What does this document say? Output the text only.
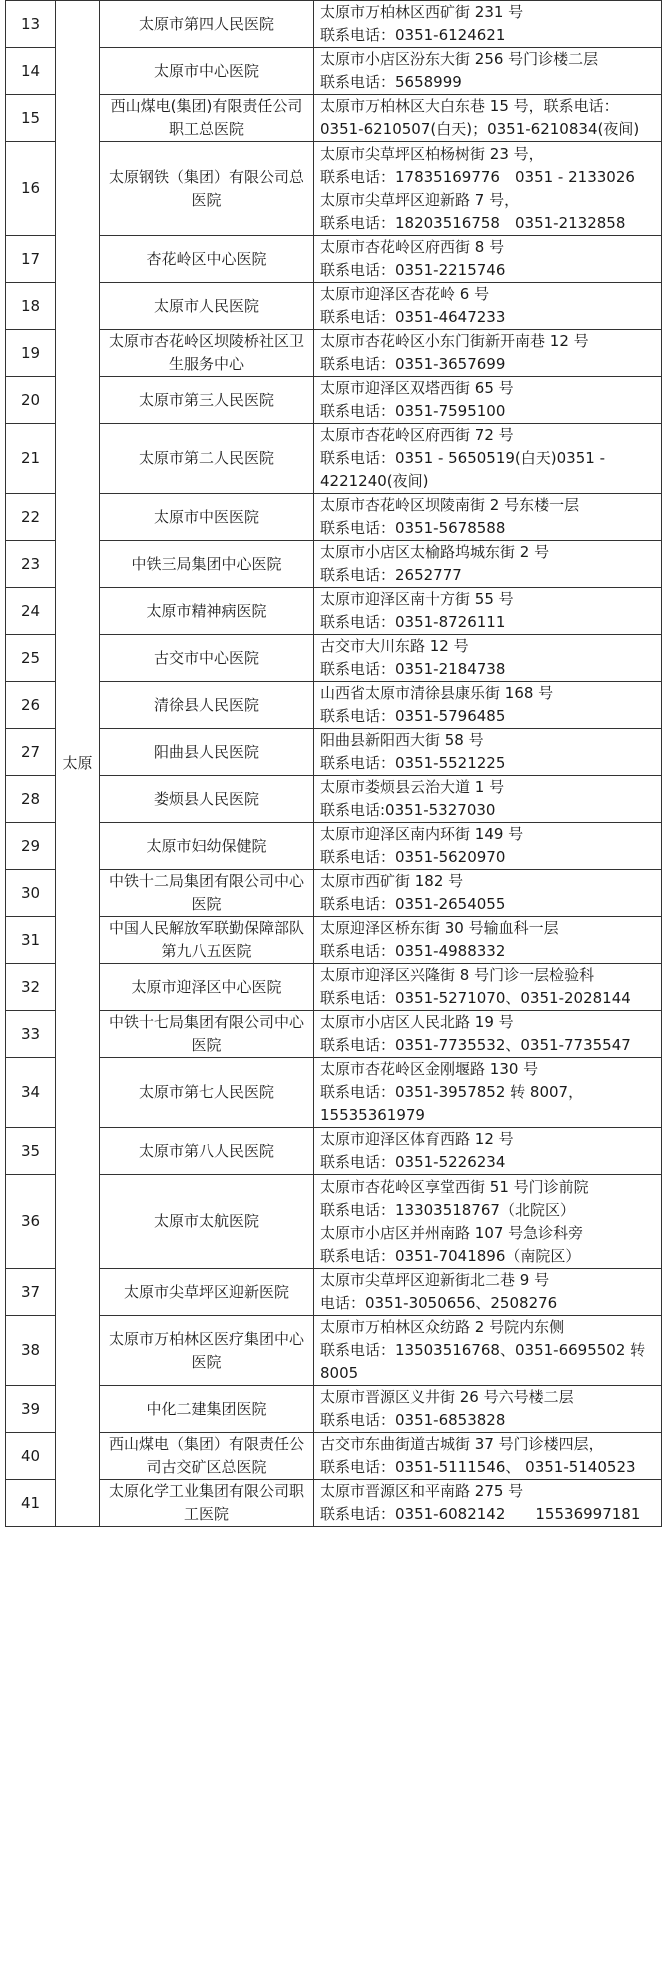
13	太原	太原市第四人民医院	太原市万柏林区西矿街 231 号
联系电话：0351-6124621

14		太原市中心医院	太原市小店区汾东大街 256 号门诊楼二层
联系电话：5658999

15		西山煤电(集团)有限责任公司职工总医院	太原市万柏林区大白东巷 15 号，联系电话：
0351-6210507(白天)；0351-6210834(夜间)

16		太原钢铁（集团）有限公司总医院	太原市尖草坪区柏杨树街 23 号，
联系电话：17835169776　0351 - 2133026
太原市尖草坪区迎新路 7 号，
联系电话：18203516758　0351-2132858

17		杏花岭区中心医院	太原市杏花岭区府西街 8 号
联系电话：0351-2215746

18		太原市人民医院	太原市迎泽区杏花岭 6 号
联系电话：0351-4647233

19		太原市杏花岭区坝陵桥社区卫生服务中心	太原市杏花岭区小东门街新开南巷 12 号
联系电话：0351-3657699

20		太原市第三人民医院	太原市迎泽区双塔西街 65 号
联系电话：0351-7595100

21		太原市第二人民医院	太原市杏花岭区府西街 72 号
联系电话：0351 - 5650519(白天)0351 -
4221240(夜间)

22		太原市中医医院	太原市杏花岭区坝陵南街 2 号东楼一层
联系电话：0351-5678588

23		中铁三局集团中心医院	太原市小店区太榆路坞城东街 2 号
联系电话：2652777

24		太原市精神病医院	太原市迎泽区南十方街 55 号
联系电话：0351-8726111

25		古交市中心医院	古交市大川东路 12 号
联系电话：0351-2184738

26		清徐县人民医院	山西省太原市清徐县康乐街 168 号
联系电话：0351-5796485

27		阳曲县人民医院	阳曲县新阳西大街 58 号
联系电话：0351-5521225

28		娄烦县人民医院	太原市娄烦县云治大道 1 号
联系电话:0351-5327030

29		太原市妇幼保健院	太原市迎泽区南内环街 149 号
联系电话：0351-5620970

30		中铁十二局集团有限公司中心医院	太原市西矿街 182 号
联系电话：0351-2654055

31		中国人民解放军联勤保障部队第九八五医院	太原迎泽区桥东街 30 号输血科一层
联系电话：0351-4988332

32		太原市迎泽区中心医院	太原市迎泽区兴隆街 8 号门诊一层检验科
联系电话：0351-5271070、0351-2028144

33		中铁十七局集团有限公司中心医院	太原市小店区人民北路 19 号
联系电话：0351-7735532、0351-7735547

34		太原市第七人民医院	太原市杏花岭区金刚堰路 130 号
联系电话：0351-3957852 转 8007，
15535361979

35		太原市第八人民医院	太原市迎泽区体育西路 12 号
联系电话：0351-5226234

36		太原市太航医院	太原市杏花岭区享堂西街 51 号门诊前院
联系电话：13303518767（北院区）
太原市小店区并州南路 107 号急诊科旁
联系电话：0351-7041896（南院区）

37		太原市尖草坪区迎新医院	太原市尖草坪区迎新街北二巷 9 号
电话：0351-3050656、2508276

38		太原市万柏林区医疗集团中心医院	太原市万柏林区众纺路 2 号院内东侧
联系电话：13503516768、0351-6695502 转
8005

39		中化二建集团医院	太原市晋源区义井街 26 号六号楼二层
联系电话：0351-6853828

40		西山煤电（集团）有限责任公司古交矿区总医院	古交市东曲街道古城街 37 号门诊楼四层，
联系电话：0351-5111546、 0351-5140523

41		太原化学工业集团有限公司职工医院	太原市晋源区和平南路 275 号
联系电话：0351-6082142　　15536997181
